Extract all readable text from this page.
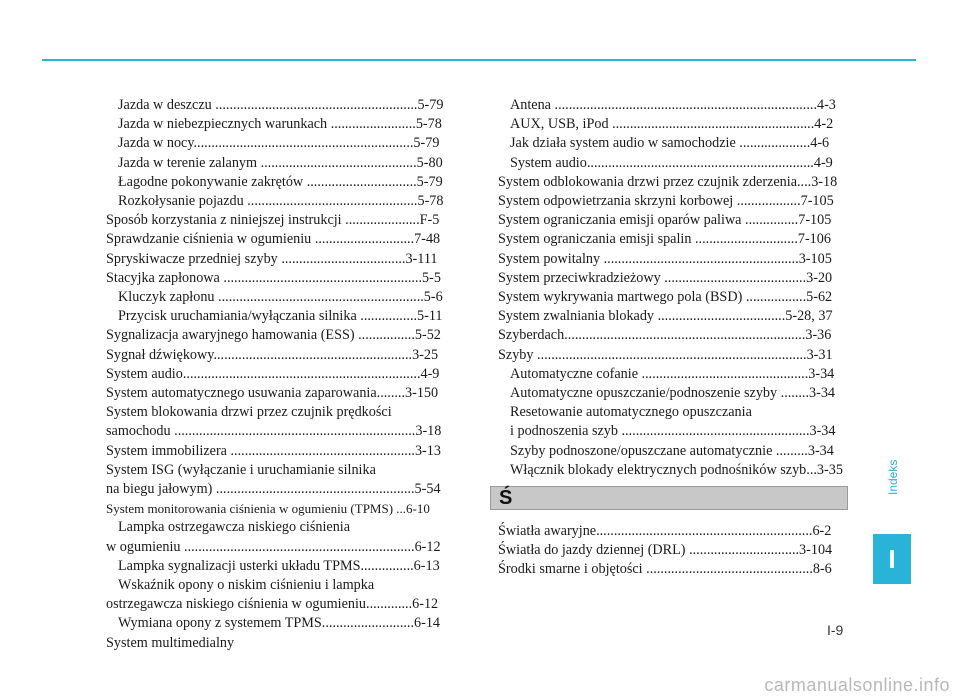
Jazda w deszczu .........................................................5-79
Jazda w niebezpiecznych warunkach ........................5-78
Jazda w nocy..............................................................5-79
Jazda w terenie zalanym ............................................5-80
Łagodne pokonywanie zakrętów ...............................5-79
Rozkołysanie pojazdu ................................................5-78
Sposób korzystania z niniejszej instrukcji .....................F-5
Sprawdzanie ciśnienia w ogumieniu ............................7-48
Spryskiwacze przedniej szyby ...................................3-111
Stacyjka zapłonowa ........................................................5-5
Kluczyk zapłonu ..........................................................5-6
Przycisk uruchamiania/wyłączania silnika ................5-11
Sygnalizacja awaryjnego hamowania (ESS) ................5-52
Sygnał dźwiękowy........................................................3-25
System audio...................................................................4-9
System automatycznego usuwania zaparowania........3-150
System blokowania drzwi przez czujnik prędkości
samochodu ....................................................................3-18
System immobilizera ....................................................3-13
System ISG (wyłączanie i uruchamianie silnika
na biegu jałowym) ........................................................5-54
System monitorowania ciśnienia w ogumieniu (TPMS) ...6-10
Lampka ostrzegawcza niskiego ciśnienia
w ogumieniu .................................................................6-12
Lampka sygnalizacji usterki układu TPMS...............6-13
Wskaźnik opony o niskim ciśnieniu i lampka
ostrzegawcza niskiego ciśnienia w ogumieniu.............6-12
Wymiana opony z systemem TPMS..........................6-14
System multimedialny
Antena ..........................................................................4-3
AUX, USB, iPod .........................................................4-2
Jak działa system audio w samochodzie ....................4-6
System audio................................................................4-9
System odblokowania drzwi przez czujnik zderzenia....3-18
System odpowietrzania skrzyni korbowej ..................7-105
System ograniczania emisji oparów paliwa ...............7-105
System ograniczania emisji spalin .............................7-106
System powitalny .......................................................3-105
System przeciwkradzieżowy ........................................3-20
System wykrywania martwego pola (BSD) .................5-62
System zwalniania blokady ....................................5-28, 37
Szyberdach....................................................................3-36
Szyby ............................................................................3-31
Automatyczne cofanie ...............................................3-34
Automatyczne opuszczanie/podnoszenie szyby ........3-34
Resetowanie automatycznego opuszczania
i podnoszenia szyb .....................................................3-34
Szyby podnoszone/opuszczane automatycznie .........3-34
Włącznik blokady elektrycznych podnośników szyb...3-35
Ś
Światła awaryjne.............................................................6-2
Światła do jazdy dziennej (DRL) ...............................3-104
Środki smarne i objętości ...............................................8-6
Indeks
I
I-9
carmanualsonline.info
